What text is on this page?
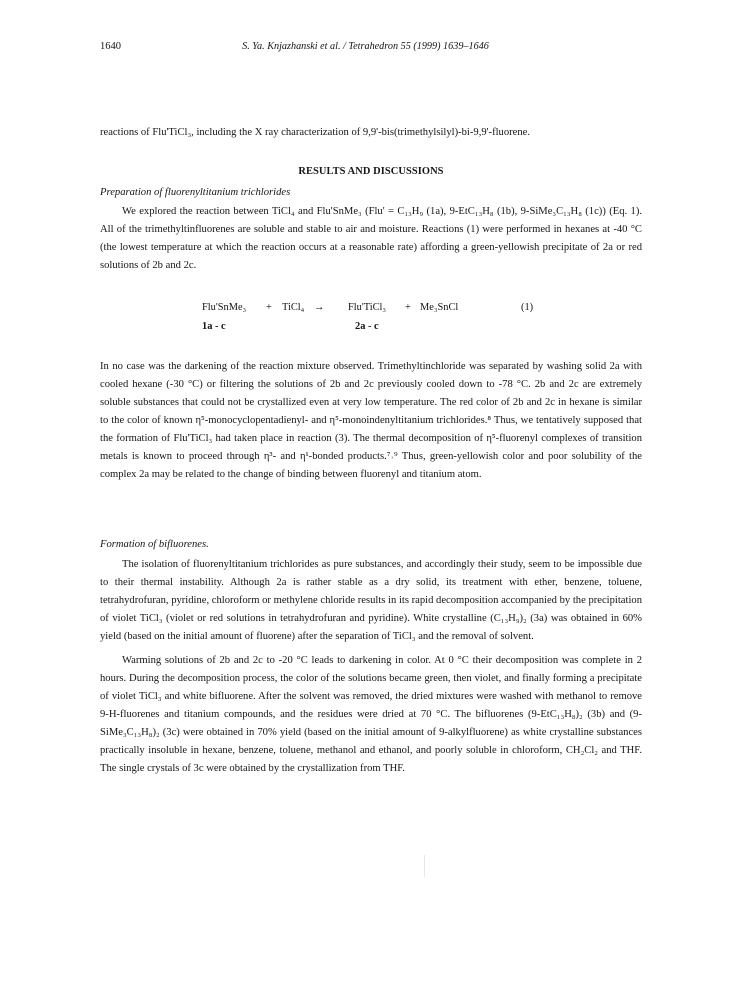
1640	S. Ya. Knjazhanski et al. / Tetrahedron 55 (1999) 1639–1646

reactions of Flu'TiCl₃, including the X ray characterization of 9,9'-bis(trimethylsilyl)-bi-9,9'-fluorene.

RESULTS AND DISCUSSIONS
Preparation of fluorenyltitanium trichlorides

We explored the reaction between TiCl₄ and Flu'SnMe₃ (Flu' = C₁₃H₉ (1a), 9-EtC₁₃H₈ (1b), 9-SiMe₃C₁₃H₈ (1c)) (Eq. 1). All of the trimethyltinfluorenes are soluble and stable to air and moisture. Reactions (1) were performed in hexanes at -40 °C (the lowest temperature at which the reaction occurs at a reasonable rate) affording a green-yellowish precipitate of 2a or red solutions of 2b and 2c.

Flu'SnMe₃ + TiCl₄ → Flu'TiCl₃ + Me₃SnCl	(1)
1a - c	2a - c

In no case was the darkening of the reaction mixture observed. Trimethyltinchloride was separated by washing solid 2a with cooled hexane (-30 °C) or filtering the solutions of 2b and 2c previously cooled down to -78 °C. 2b and 2c are extremely soluble substances that could not be crystallized even at very low temperature. The red color of 2b and 2c in hexane is similar to the color of known η⁵-monocyclopentadienyl- and η⁵-monoindenyltitanium trichlorides.⁸ Thus, we tentatively supposed that the formation of Flu'TiCl₃ had taken place in reaction (3). The thermal decomposition of η⁵-fluorenyl complexes of transition metals is known to proceed through η³- and η¹-bonded products.⁷˒⁹ Thus, green-yellowish color and poor solubility of the complex 2a may be related to the change of binding between fluorenyl and titanium atom.

Formation of bifluorenes.

The isolation of fluorenyltitanium trichlorides as pure substances, and accordingly their study, seem to be impossible due to their thermal instability. Although 2a is rather stable as a dry solid, its treatment with ether, benzene, toluene, tetrahydrofuran, pyridine, chloroform or methylene chloride results in its rapid decomposition accompanied by the precipitation of violet TiCl₃ (violet or red solutions in tetrahydrofuran and pyridine). White crystalline (C₁₃H₉)₂ (3a) was obtained in 60% yield (based on the initial amount of fluorene) after the separation of TiCl₃ and the removal of solvent.

Warming solutions of 2b and 2c to -20 °C leads to darkening in color. At 0 °C their decomposition was complete in 2 hours. During the decomposition process, the color of the solutions became green, then violet, and finally forming a precipitate of violet TiCl₃ and white bifluorene. After the solvent was removed, the dried mixtures were washed with methanol to remove 9-H-fluorenes and titanium compounds, and the residues were dried at 70 °C. The bifluorenes (9-EtC₁₃H₈)₂ (3b) and (9-SiMe₃C₁₃H₈)₂ (3c) were obtained in 70% yield (based on the initial amount of 9-alkylfluorene) as white crystalline substances practically insoluble in hexane, benzene, toluene, methanol and ethanol, and poorly soluble in chloroform, CH₂Cl₂ and THF. The single crystals of 3c were obtained by the crystallization from THF.
